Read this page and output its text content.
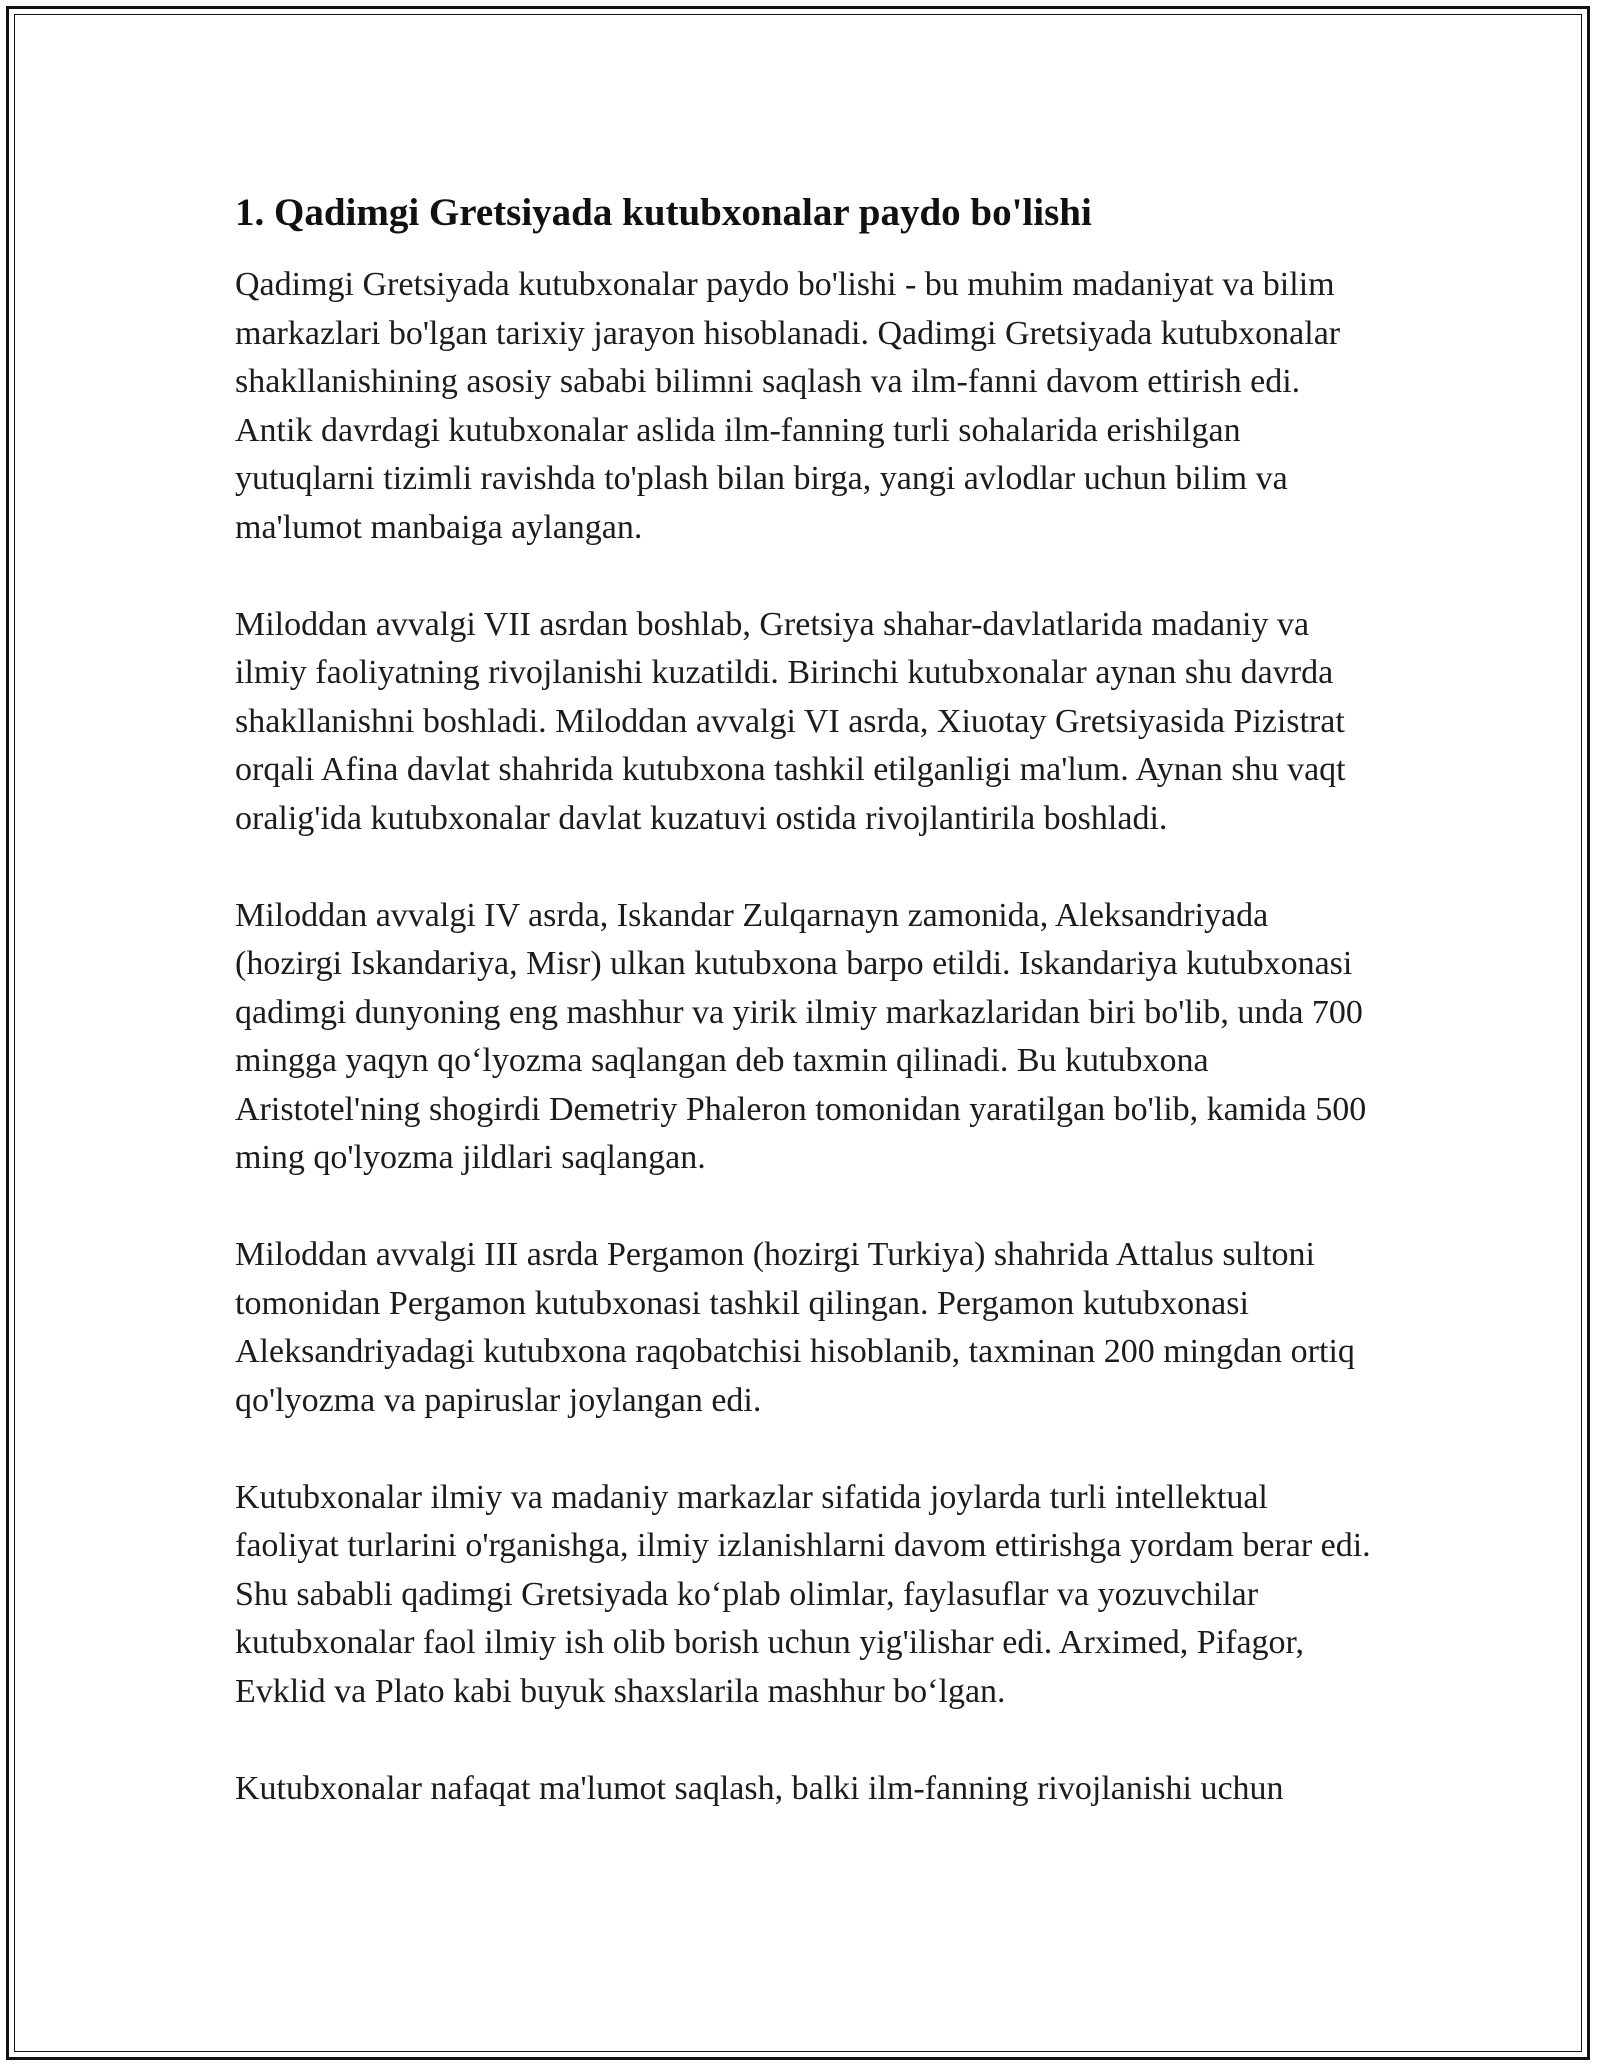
1. Qadimgi Gretsiyada kutubxonalar paydo bo'lishi

Qadimgi Gretsiyada kutubxonalar paydo bo'lishi - bu muhim madaniyat va bilim markazlari bo'lgan tarixiy jarayon hisoblanadi. Qadimgi Gretsiyada kutubxonalar shakllanishining asosiy sababi bilimni saqlash va ilm-fanni davom ettirish edi. Antik davrdagi kutubxonalar aslida ilm-fanning turli sohalarida erishilgan yutuqlarni tizimli ravishda to'plash bilan birga, yangi avlodlar uchun bilim va ma'lumot manbaiga aylangan.

Miloddan avvalgi VII asrdan boshlab, Gretsiya shahar-davlatlarida madaniy va ilmiy faoliyatning rivojlanishi kuzatildi. Birinchi kutubxonalar aynan shu davrda shakllanishni boshladi. Miloddan avvalgi VI asrda, Xiuotay Gretsiyasida Pizistrat orqali Afina davlat shahrida kutubxona tashkil etilganligi ma'lum. Aynan shu vaqt oralig'ida kutubxonalar davlat kuzatuvi ostida rivojlantirila boshladi.

Miloddan avvalgi IV asrda, Iskandar Zulqarnayn zamonida, Aleksandriyada (hozirgi Iskandariya, Misr) ulkan kutubxona barpo etildi. Iskandariya kutubxonasi qadimgi dunyoning eng mashhur va yirik ilmiy markazlaridan biri bo'lib, unda 700 mingga yaqyn qo‘lyozma saqlangan deb taxmin qilinadi. Bu kutubxona Aristotel'ning shogirdi Demetriy Phaleron tomonidan yaratilgan bo'lib, kamida 500 ming qo'lyozma jildlari saqlangan.

Miloddan avvalgi III asrda Pergamon (hozirgi Turkiya) shahrida Attalus sultoni tomonidan Pergamon kutubxonasi tashkil qilingan. Pergamon kutubxonasi Aleksandriyadagi kutubxona raqobatchisi hisoblanib, taxminan 200 mingdan ortiq qo'lyozma va papiruslar joylangan edi.

Kutubxonalar ilmiy va madaniy markazlar sifatida joylarda turli intellektual faoliyat turlarini o'rganishga, ilmiy izlanishlarni davom ettirishga yordam berar edi. Shu sababli qadimgi Gretsiyada ko‘plab olimlar, faylasuflar va yozuvchilar kutubxonalar faol ilmiy ish olib borish uchun yig'ilishar edi. Arximed, Pifagor, Evklid va Plato kabi buyuk shaxslarila mashhur bo‘lgan.

Kutubxonalar nafaqat ma'lumot saqlash, balki ilm-fanning rivojlanishi uchun
